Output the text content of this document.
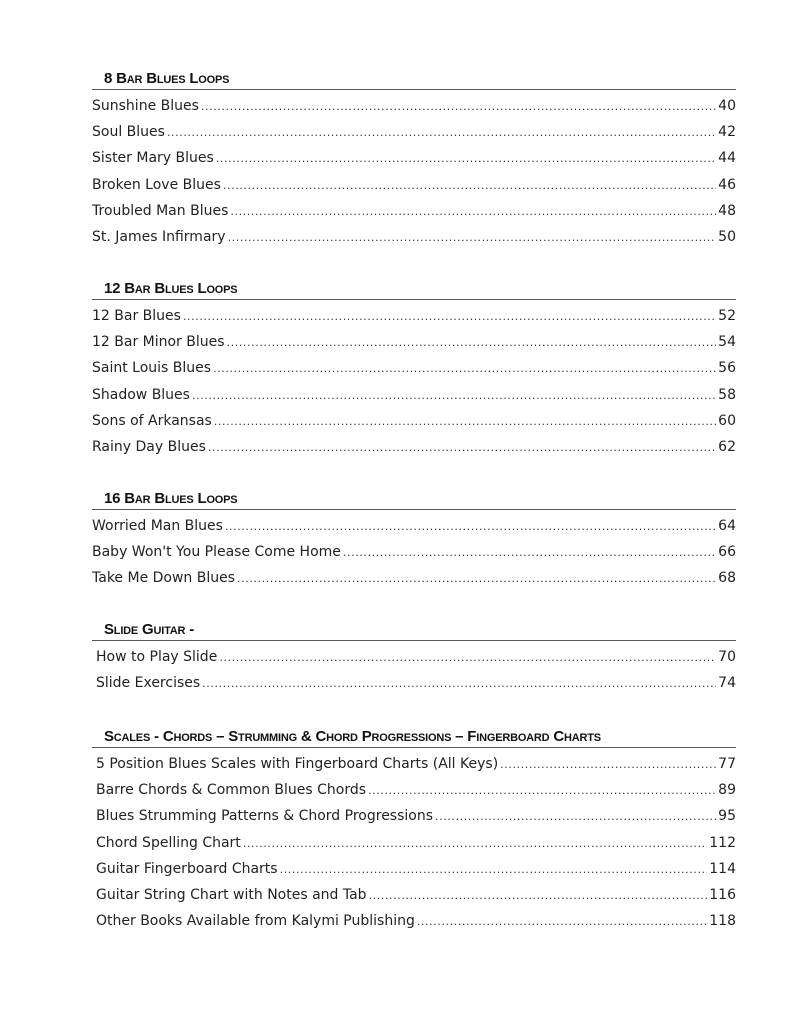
8 Bar Blues Loops
Sunshine Blues .....	40
Soul Blues .....	42
Sister Mary Blues .....	44
Broken Love Blues .....	46
Troubled Man Blues .....	48
St. James Infirmary .....	50
12 Bar Blues Loops
12 Bar Blues .....	52
12 Bar Minor Blues .....	54
Saint Louis Blues .....	56
Shadow Blues .....	58
Sons of Arkansas .....	60
Rainy Day Blues .....	62
16 Bar Blues Loops
Worried Man Blues .....	64
Baby Won't You Please Come Home .....	66
Take Me Down Blues .....	68
Slide Guitar -
How to Play Slide .....	70
Slide Exercises .....	74
Scales - Chords – Strumming & Chord Progressions – Fingerboard Charts
5 Position Blues Scales with Fingerboard Charts (All Keys) .....	77
Barre Chords & Common Blues Chords .....	89
Blues Strumming Patterns & Chord Progressions .....	95
Chord Spelling Chart .....	112
Guitar Fingerboard Charts .....	114
Guitar String Chart with Notes and Tab .....	116
Other Books Available from Kalymi Publishing .....	118
